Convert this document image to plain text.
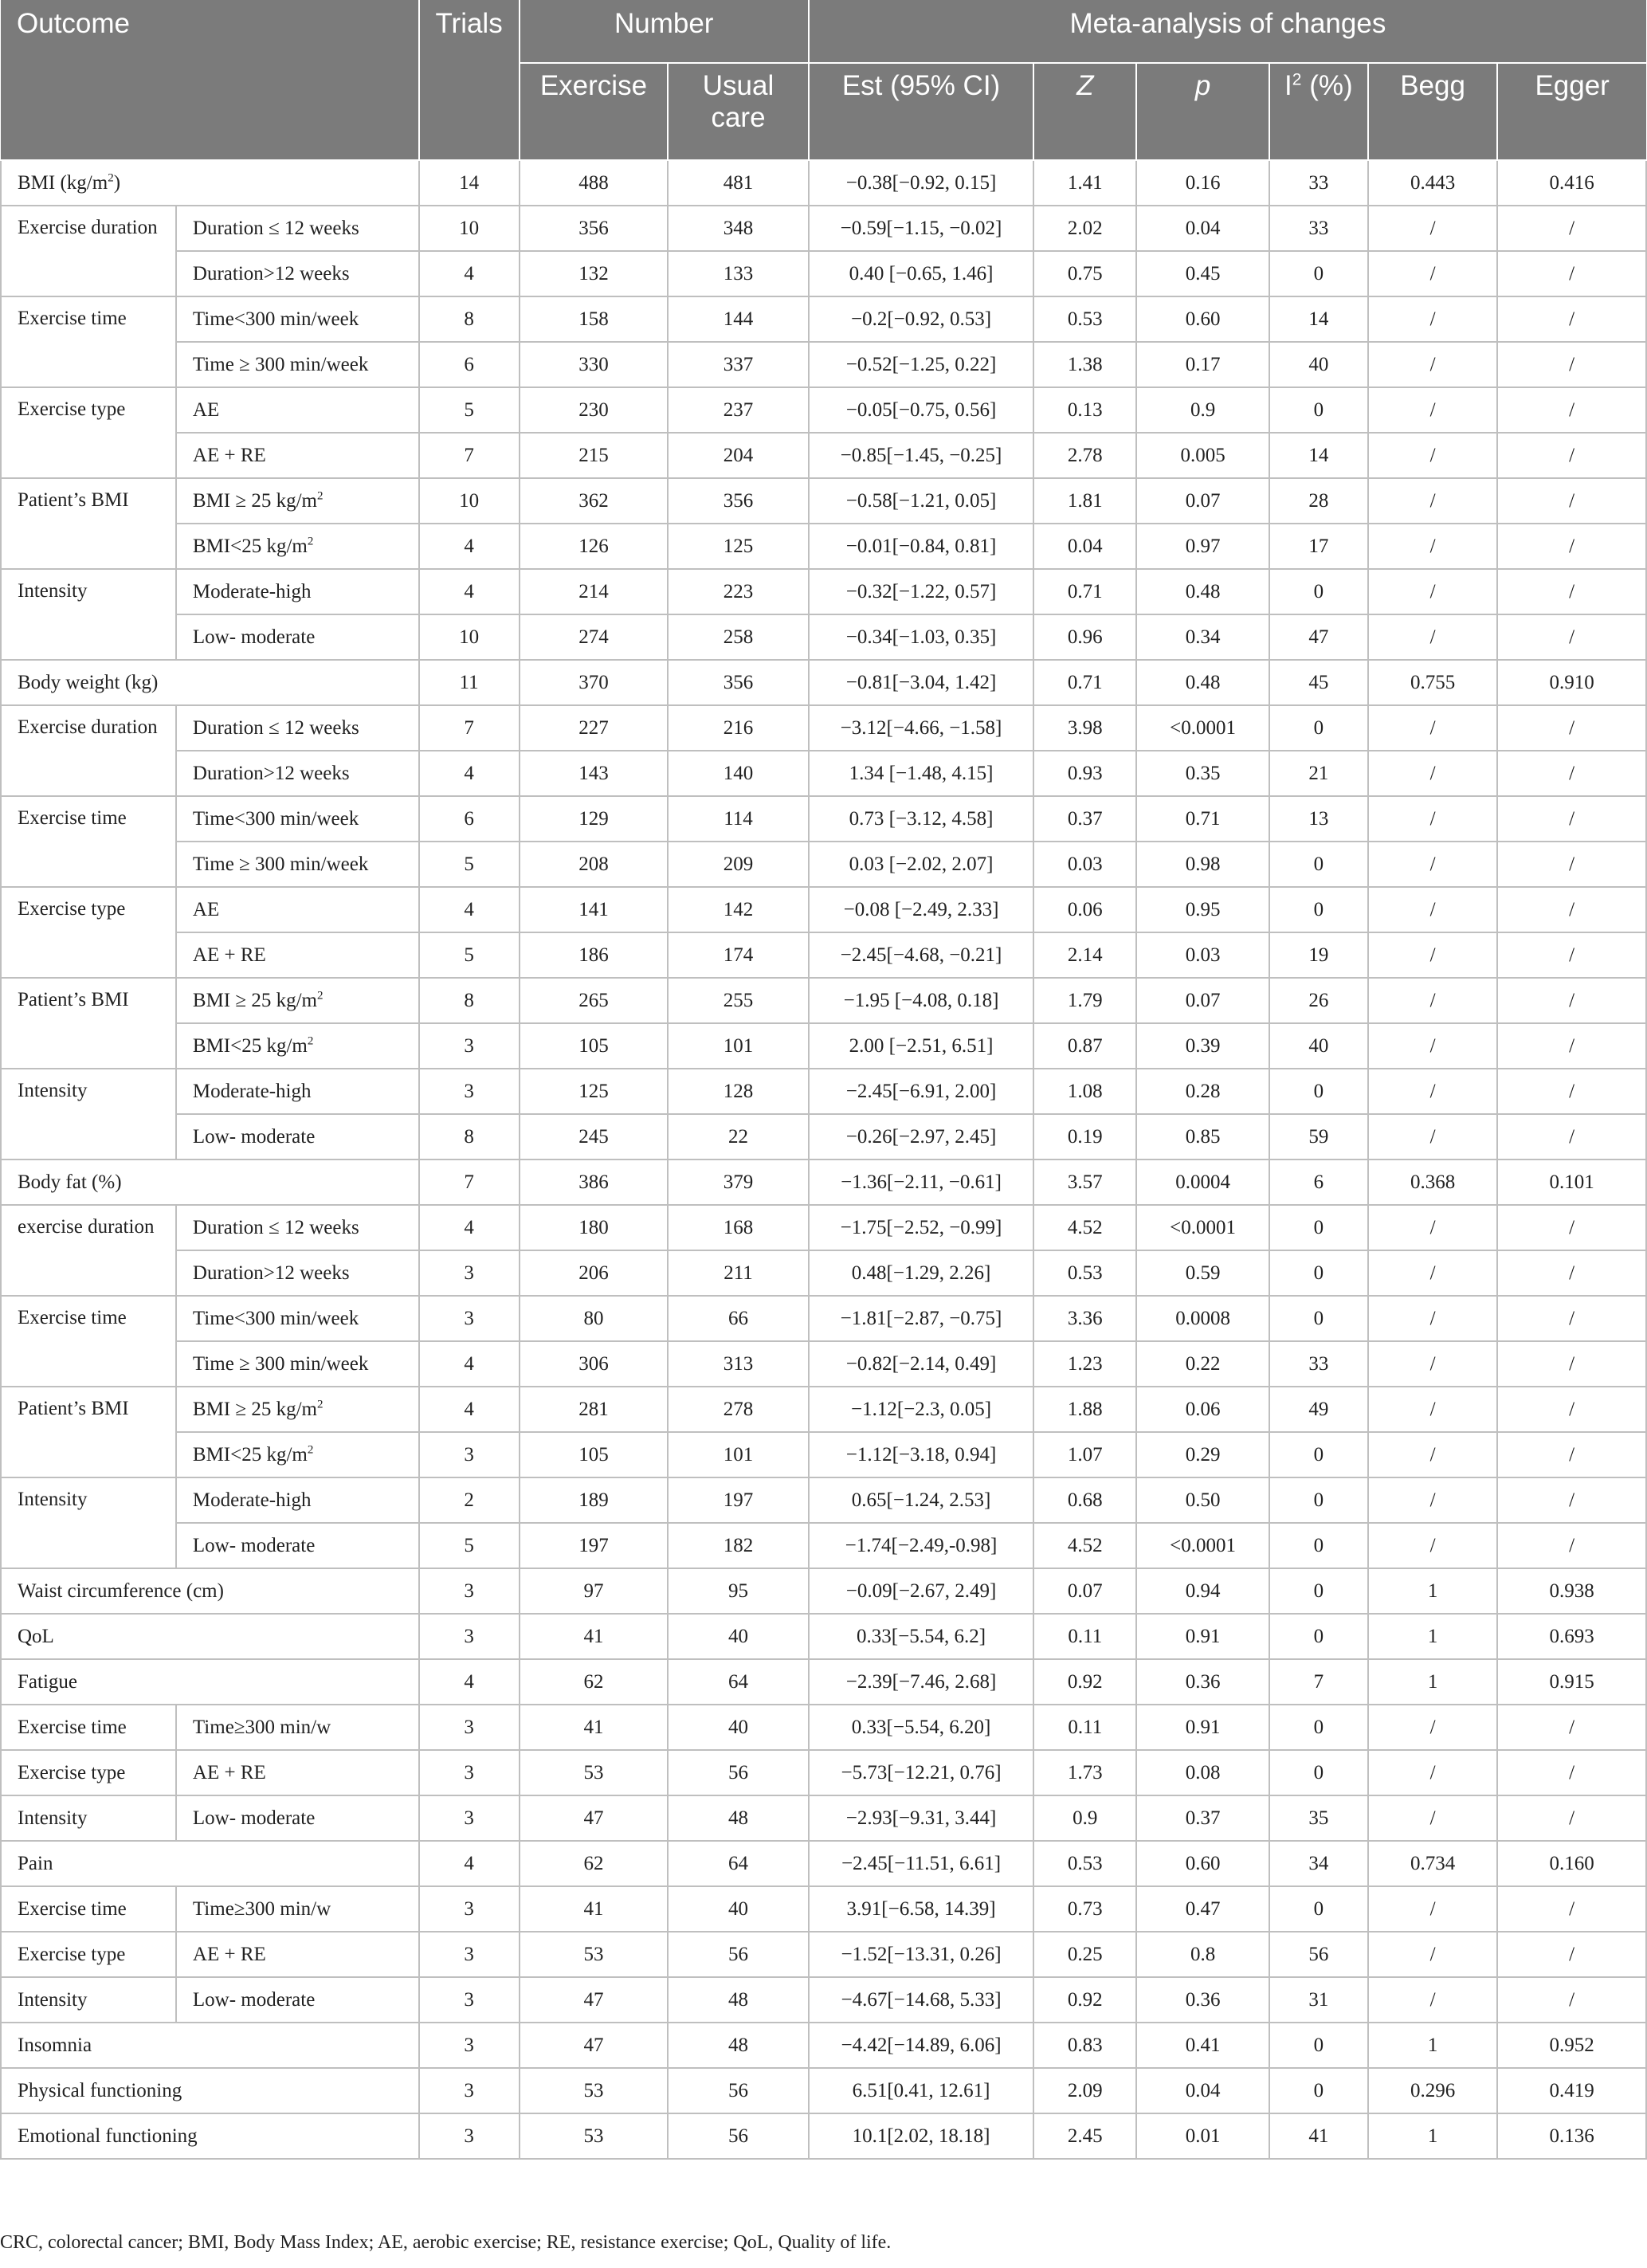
Outcome		Trials	Number		Meta-analysis of changes					
			Exercise	Usual care	Est (95% CI)	Z	p	$I^2$ (%)	Begg	Egger
BMI $(kg/m^2)$		14	488	481	−0.38[−0.92, 0.15]	1.41	0.16	33	0.443	0.416
Exercise duration	Duration ≤ 12 weeks	10	356	348	−0.59[−1.15, −0.02]	2.02	0.04	33	/	/
	Duration>12 weeks	4	132	133	0.40 [−0.65, 1.46]	0.75	0.45	0	/	/
Exercise time	Time<300 min/week	8	158	144	−0.2[−0.92, 0.53]	0.53	0.60	14	/	/
	Time ≥ 300 min/week	6	330	337	−0.52[−1.25, 0.22]	1.38	0.17	40	/	/
Exercise type	AE	5	230	237	−0.05[−0.75, 0.56]	0.13	0.9	0	/	/
	AE + RE	7	215	204	−0.85[−1.45, −0.25]	2.78	0.005	14	/	/
Patient’s BMI	BMI ≥ 25 $kg/m^2$	10	362	356	−0.58[−1.21, 0.05]	1.81	0.07	28	/	/
	BMI<25 $kg/m^2$	4	126	125	−0.01[−0.84, 0.81]	0.04	0.97	17	/	/
Intensity	Moderate-high	4	214	223	−0.32[−1.22, 0.57]	0.71	0.48	0	/	/
	Low- moderate	10	274	258	−0.34[−1.03, 0.35]	0.96	0.34	47	/	/
Body weight (kg)		11	370	356	−0.81[−3.04, 1.42]	0.71	0.48	45	0.755	0.910
Exercise duration	Duration ≤ 12 weeks	7	227	216	−3.12[−4.66, −1.58]	3.98	<0.0001	0	/	/
	Duration>12 weeks	4	143	140	1.34 [−1.48, 4.15]	0.93	0.35	21	/	/
Exercise time	Time<300 min/week	6	129	114	0.73 [−3.12, 4.58]	0.37	0.71	13	/	/
	Time ≥ 300 min/week	5	208	209	0.03 [−2.02, 2.07]	0.03	0.98	0	/	/
Exercise type	AE	4	141	142	−0.08 [−2.49, 2.33]	0.06	0.95	0	/	/
	AE + RE	5	186	174	−2.45[−4.68, −0.21]	2.14	0.03	19	/	/
Patient’s BMI	BMI ≥ 25 $kg/m^2$	8	265	255	−1.95 [−4.08, 0.18]	1.79	0.07	26	/	/
	BMI<25 $kg/m^2$	3	105	101	2.00 [−2.51, 6.51]	0.87	0.39	40	/	/
Intensity	Moderate-high	3	125	128	−2.45[−6.91, 2.00]	1.08	0.28	0	/	/
	Low- moderate	8	245	22	−0.26[−2.97, 2.45]	0.19	0.85	59	/	/
Body fat (%)		7	386	379	−1.36[−2.11, −0.61]	3.57	0.0004	6	0.368	0.101
exercise duration	Duration ≤ 12 weeks	4	180	168	−1.75[−2.52, −0.99]	4.52	<0.0001	0	/	/
	Duration>12 weeks	3	206	211	0.48[−1.29, 2.26]	0.53	0.59	0	/	/
Exercise time	Time<300 min/week	3	80	66	−1.81[−2.87, −0.75]	3.36	0.0008	0	/	/
	Time ≥ 300 min/week	4	306	313	−0.82[−2.14, 0.49]	1.23	0.22	33	/	/
Patient’s BMI	BMI ≥ 25 $kg/m^2$	4	281	278	−1.12[−2.3, 0.05]	1.88	0.06	49	/	/
	BMI<25 $kg/m^2$	3	105	101	−1.12[−3.18, 0.94]	1.07	0.29	0	/	/
Intensity	Moderate-high	2	189	197	0.65[−1.24, 2.53]	0.68	0.50	0	/	/
	Low- moderate	5	197	182	−1.74[−2.49,-0.98]	4.52	<0.0001	0	/	/
Waist circumference (cm)		3	97	95	−0.09[−2.67, 2.49]	0.07	0.94	0	1	0.938
QoL		3	41	40	0.33[−5.54, 6.2]	0.11	0.91	0	1	0.693
Fatigue		4	62	64	−2.39[−7.46, 2.68]	0.92	0.36	7	1	0.915
Exercise time	Time≥300 min/w	3	41	40	0.33[−5.54, 6.20]	0.11	0.91	0	/	/
Exercise type	AE + RE	3	53	56	−5.73[−12.21, 0.76]	1.73	0.08	0	/	/
Intensity	Low- moderate	3	47	48	−2.93[−9.31, 3.44]	0.9	0.37	35	/	/
Pain		4	62	64	−2.45[−11.51, 6.61]	0.53	0.60	34	0.734	0.160
Exercise time	Time≥300 min/w	3	41	40	3.91[−6.58, 14.39]	0.73	0.47	0	/	/
Exercise type	AE + RE	3	53	56	−1.52[−13.31, 0.26]	0.25	0.8	56	/	/
Intensity	Low- moderate	3	47	48	−4.67[−14.68, 5.33]	0.92	0.36	31	/	/
Insomnia		3	47	48	−4.42[−14.89, 6.06]	0.83	0.41	0	1	0.952
Physical functioning		3	53	56	6.51[0.41, 12.61]	2.09	0.04	0	0.296	0.419
Emotional functioning		3	53	56	10.1[2.02, 18.18]	2.45	0.01	41	1	0.136
CRC, colorectal cancer; BMI, Body Mass Index; AE, aerobic exercise; RE, resistance exercise; QoL, Quality of life.
